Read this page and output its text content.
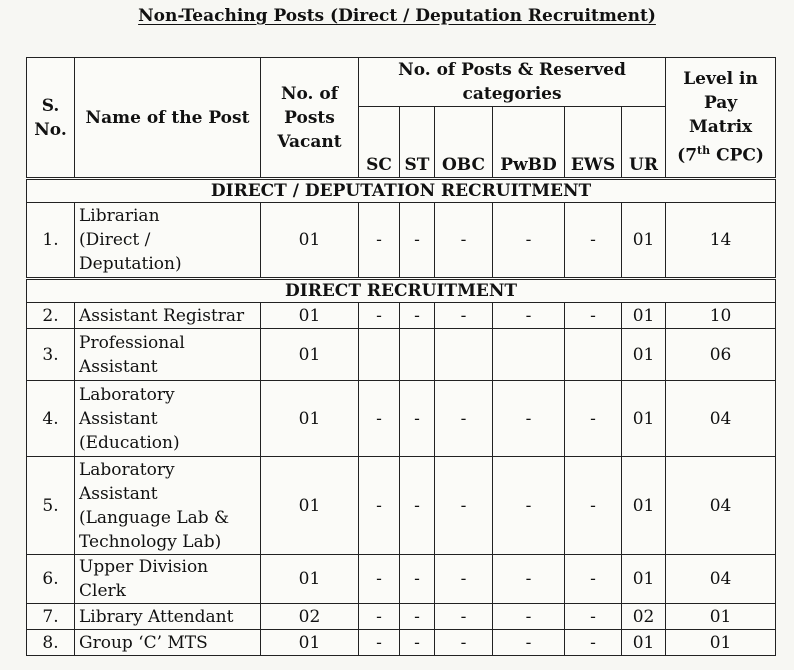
Non-Teaching Posts (Direct / Deputation Recruitment)
S. No.	Name of the Post	No. of Posts Vacant	No. of Posts & Reserved categories						Level in Pay Matrix (7th CPC)
			SC	ST	OBC	PwBD	EWS	UR	
DIRECT / DEPUTATION RECRUITMENT									
1.	Librarian
(Direct /
Deputation)	01	-	-	-	-	-	01	14
DIRECT RECRUITMENT									
2.	Assistant Registrar	01	-	-	-	-	-	01	10
3.	Professional
Assistant	01						01	06
4.	Laboratory
Assistant
(Education)	01	-	-	-	-	-	01	04
5.	Laboratory
Assistant
(Language Lab &
Technology Lab)	01	-	-	-	-	-	01	04
6.	Upper Division
Clerk	01	-	-	-	-	-	01	04
7.	Library Attendant	02	-	-	-	-	-	02	01
8.	Group ‘C’ MTS	01	-	-	-	-	-	01	01
